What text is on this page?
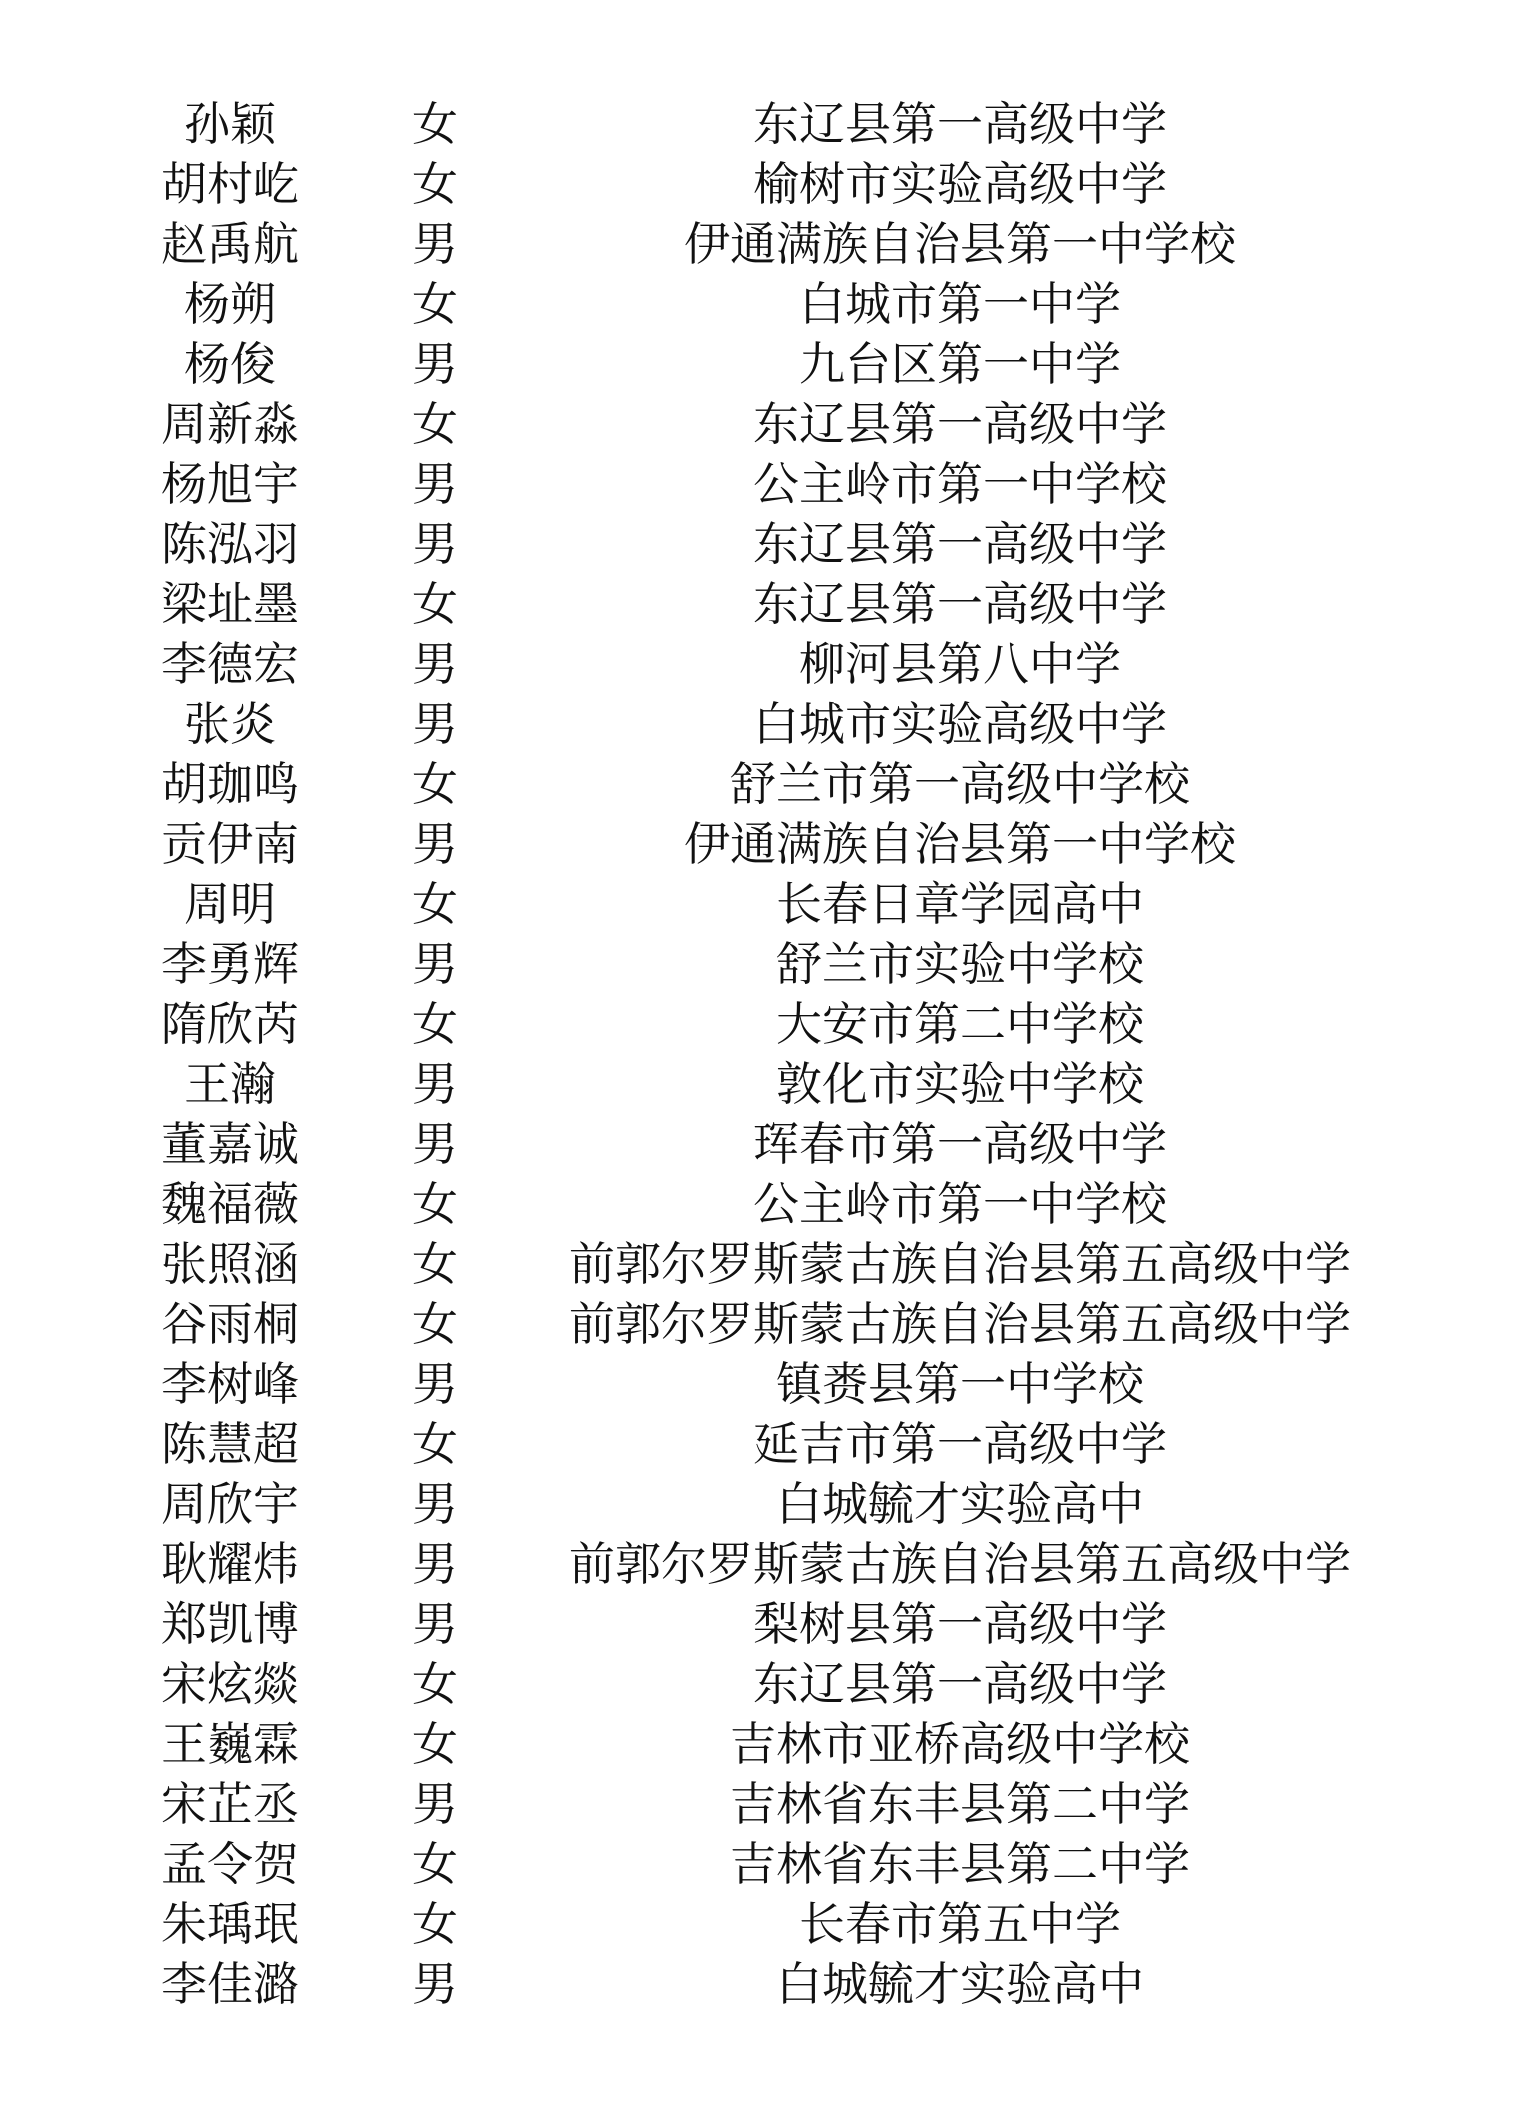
孙颖	女	东辽县第一高级中学
胡村屹	女	榆树市实验高级中学
赵禹航	男	伊通满族自治县第一中学校
杨朔	女	白城市第一中学
杨俊	男	九台区第一中学
周新淼	女	东辽县第一高级中学
杨旭宇	男	公主岭市第一中学校
陈泓羽	男	东辽县第一高级中学
梁址墨	女	东辽县第一高级中学
李德宏	男	柳河县第八中学
张炎	男	白城市实验高级中学
胡珈鸣	女	舒兰市第一高级中学校
贡伊南	男	伊通满族自治县第一中学校
周明	女	长春日章学园高中
李勇辉	男	舒兰市实验中学校
隋欣芮	女	大安市第二中学校
王瀚	男	敦化市实验中学校
董嘉诚	男	珲春市第一高级中学
魏福薇	女	公主岭市第一中学校
张照涵	女	前郭尔罗斯蒙古族自治县第五高级中学
谷雨桐	女	前郭尔罗斯蒙古族自治县第五高级中学
李树峰	男	镇赉县第一中学校
陈慧超	女	延吉市第一高级中学
周欣宇	男	白城毓才实验高中
耿耀炜	男	前郭尔罗斯蒙古族自治县第五高级中学
郑凯博	男	梨树县第一高级中学
宋炫燚	女	东辽县第一高级中学
王巍霖	女	吉林市亚桥高级中学校
宋芷丞	男	吉林省东丰县第二中学
孟令贺	女	吉林省东丰县第二中学
朱瑀珉	女	长春市第五中学
李佳潞	男	白城毓才实验高中
